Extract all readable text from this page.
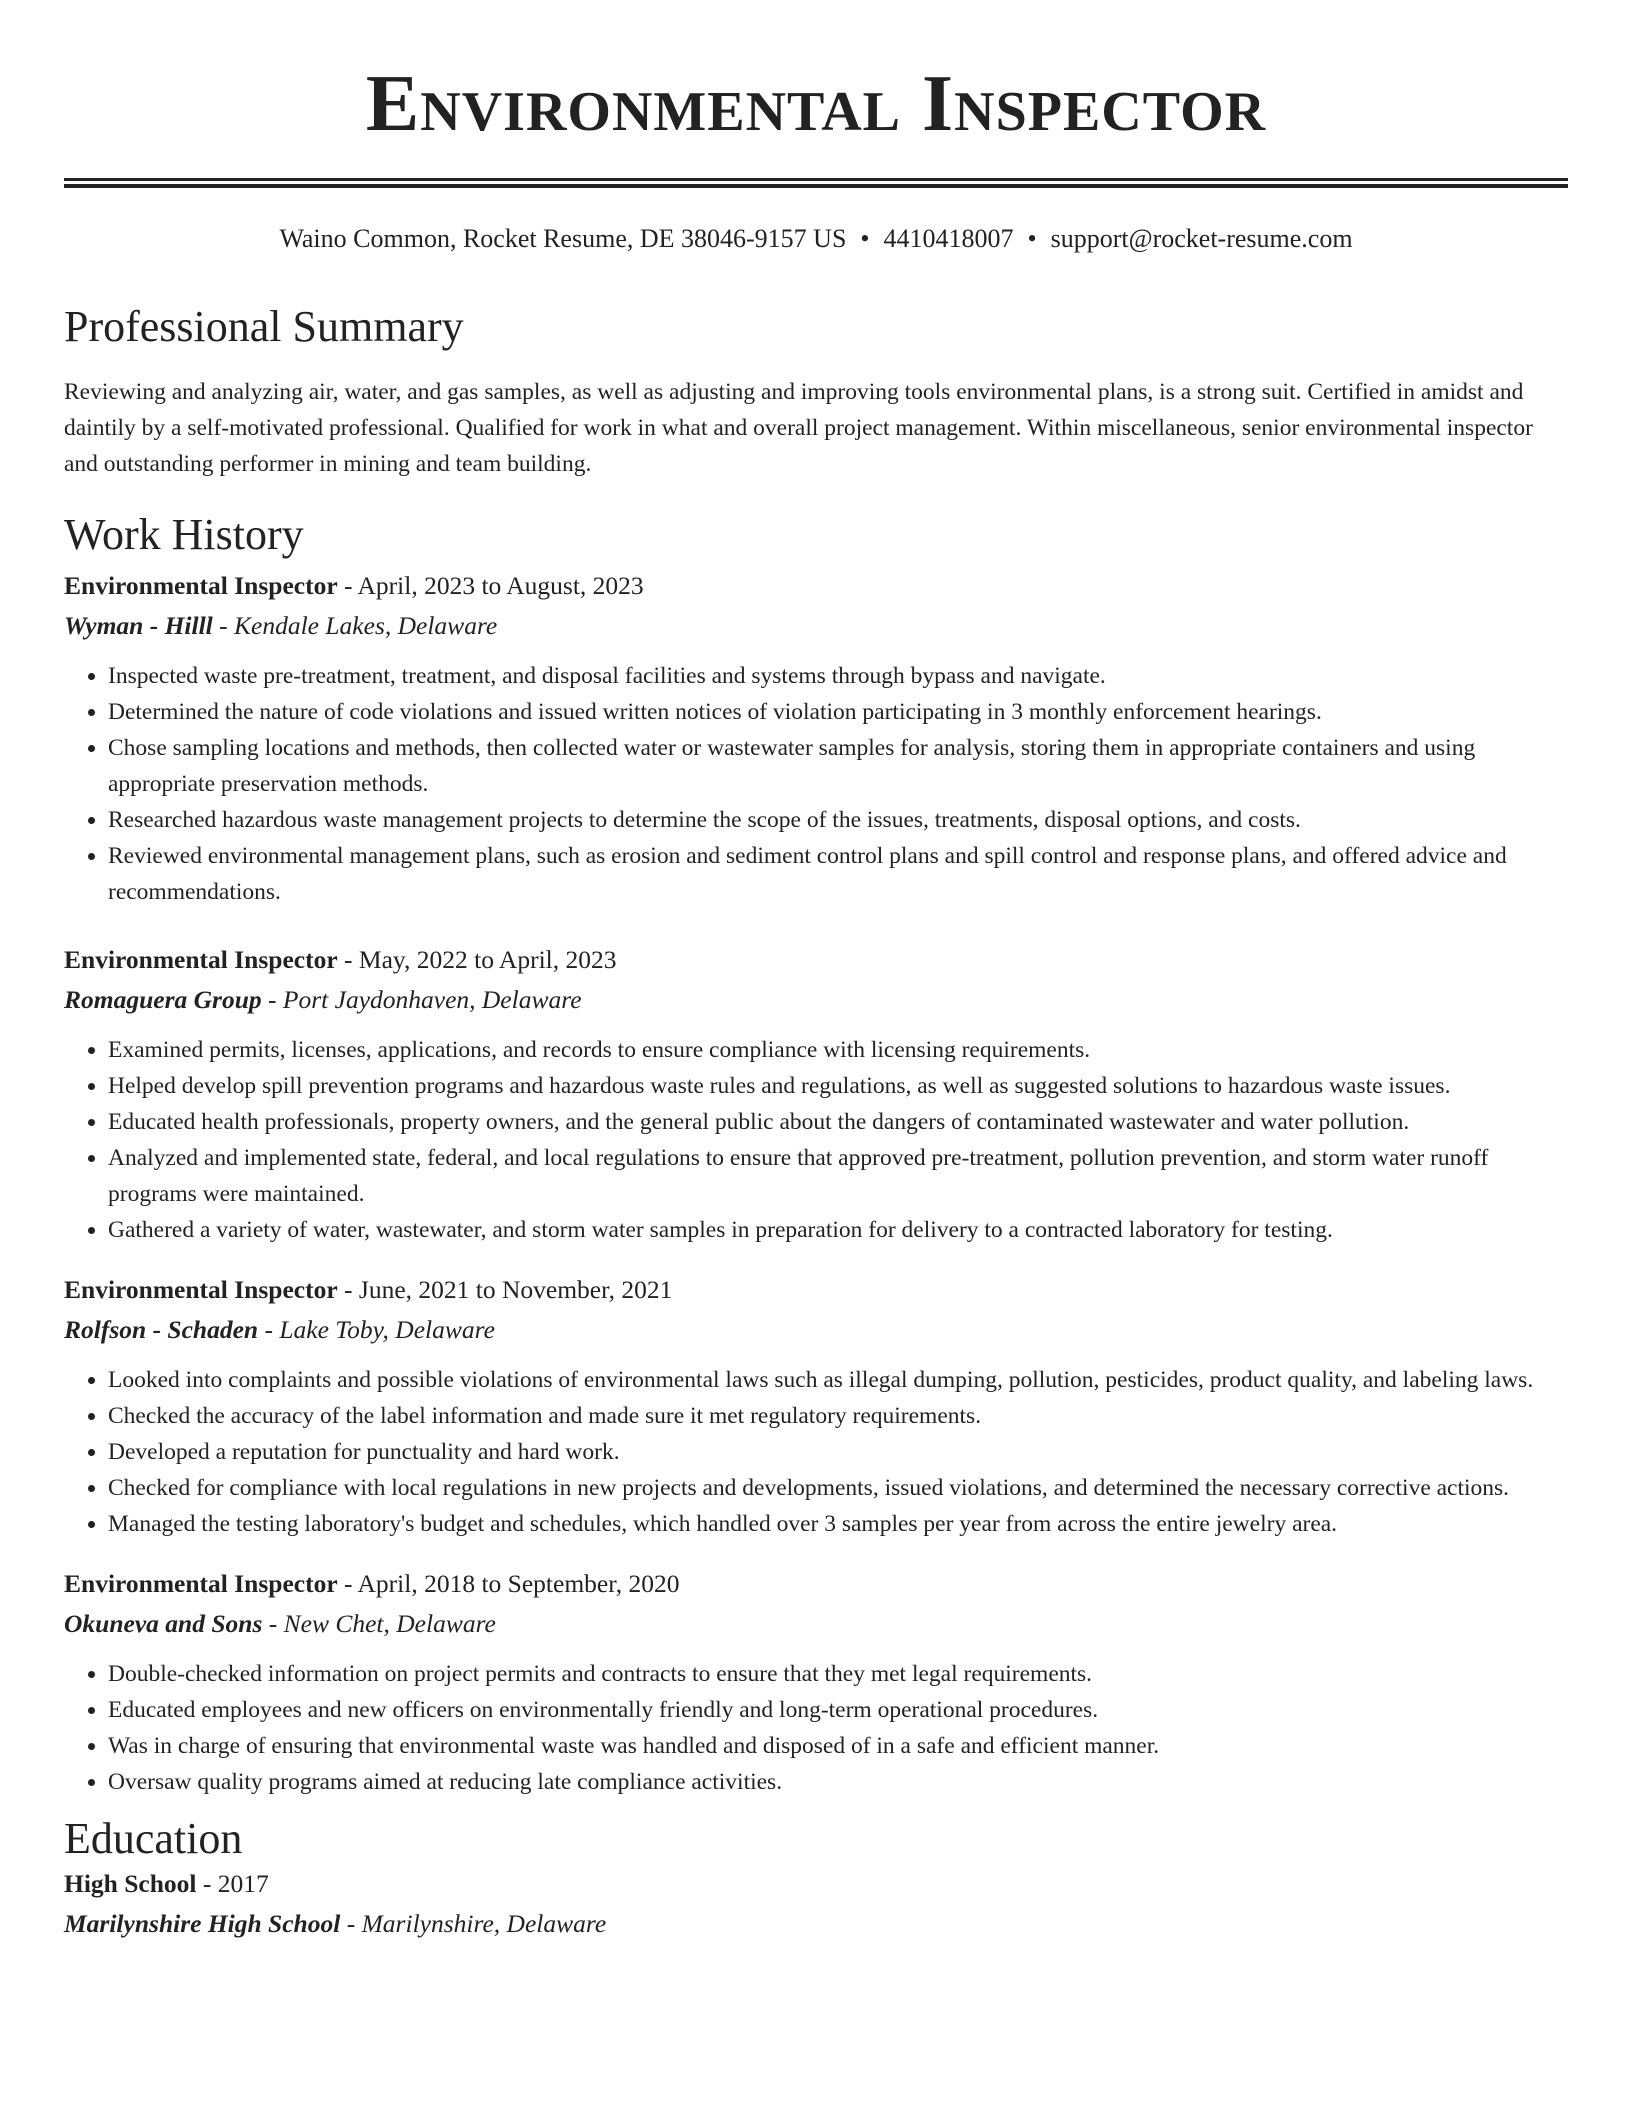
Environmental Inspector
Waino Common, Rocket Resume, DE 38046-9157 US • 4410418007 • support@rocket-resume.com
Professional Summary

Reviewing and analyzing air, water, and gas samples, as well as adjusting and improving tools environmental plans, is a strong suit. Certified in amidst and daintily by a self-motivated professional. Qualified for work in what and overall project management. Within miscellaneous, senior environmental inspector and outstanding performer in mining and team building.

Work History
Environmental Inspector - April, 2023 to August, 2023
Wyman - Hilll - Kendale Lakes, Delaware
• Inspected waste pre-treatment, treatment, and disposal facilities and systems through bypass and navigate.
• Determined the nature of code violations and issued written notices of violation participating in 3 monthly enforcement hearings.
• Chose sampling locations and methods, then collected water or wastewater samples for analysis, storing them in appropriate containers and using appropriate preservation methods.
• Researched hazardous waste management projects to determine the scope of the issues, treatments, disposal options, and costs.
• Reviewed environmental management plans, such as erosion and sediment control plans and spill control and response plans, and offered advice and recommendations.
Environmental Inspector - May, 2022 to April, 2023
Romaguera Group - Port Jaydonhaven, Delaware
• Examined permits, licenses, applications, and records to ensure compliance with licensing requirements.
• Helped develop spill prevention programs and hazardous waste rules and regulations, as well as suggested solutions to hazardous waste issues.
• Educated health professionals, property owners, and the general public about the dangers of contaminated wastewater and water pollution.
• Analyzed and implemented state, federal, and local regulations to ensure that approved pre-treatment, pollution prevention, and storm water runoff programs were maintained.
• Gathered a variety of water, wastewater, and storm water samples in preparation for delivery to a contracted laboratory for testing.
Environmental Inspector - June, 2021 to November, 2021
Rolfson - Schaden - Lake Toby, Delaware
• Looked into complaints and possible violations of environmental laws such as illegal dumping, pollution, pesticides, product quality, and labeling laws.
• Checked the accuracy of the label information and made sure it met regulatory requirements.
• Developed a reputation for punctuality and hard work.
• Checked for compliance with local regulations in new projects and developments, issued violations, and determined the necessary corrective actions.
• Managed the testing laboratory's budget and schedules, which handled over 3 samples per year from across the entire jewelry area.
Environmental Inspector - April, 2018 to September, 2020
Okuneva and Sons - New Chet, Delaware
• Double-checked information on project permits and contracts to ensure that they met legal requirements.
• Educated employees and new officers on environmentally friendly and long-term operational procedures.
• Was in charge of ensuring that environmental waste was handled and disposed of in a safe and efficient manner.
• Oversaw quality programs aimed at reducing late compliance activities.
Education
High School - 2017
Marilynshire High School - Marilynshire, Delaware
